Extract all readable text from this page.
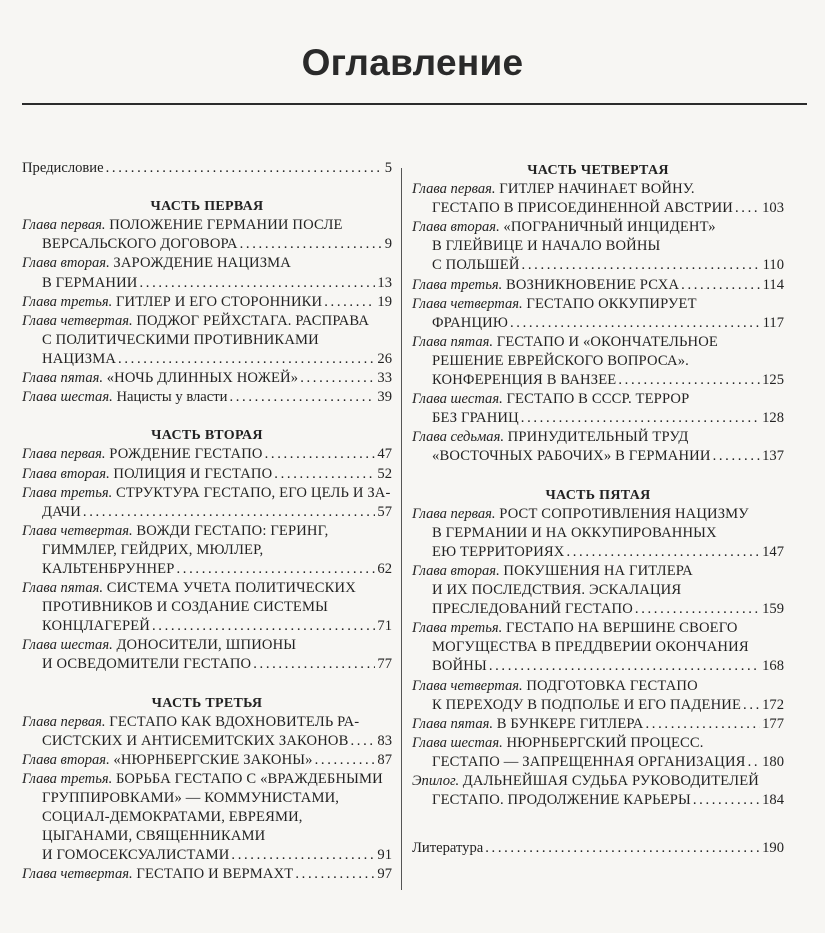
Оглавление
Предисловие . . .	5
ЧАСТЬ ПЕРВАЯ
Глава первая.
ПОЛОЖЕНИЕ ГЕРМАНИИ ПОСЛЕ
ВЕРСАЛЬСКОГО ДОГОВОРА . . .	9
Глава вторая.
ЗАРОЖДЕНИЕ НАЦИЗМА
В ГЕРМАНИИ . . .	13
Глава третья.
ГИТЛЕР И ЕГО СТОРОННИКИ . . .	19
Глава четвертая.
ПОДЖОГ РЕЙХСТАГА. РАСПРАВА
С ПОЛИТИЧЕСКИМИ ПРОТИВНИКАМИ
НАЦИЗМА . . .	26
Глава пятая.
«НОЧЬ ДЛИННЫХ НОЖЕЙ» . . .	33
Глава шестая.
Нацисты у власти . . .	39
ЧАСТЬ ВТОРАЯ
Глава первая.
РОЖДЕНИЕ ГЕСТАПО . . .	47
Глава вторая.
ПОЛИЦИЯ И ГЕСТАПО . . .	52
Глава третья.
СТРУКТУРА ГЕСТАПО, ЕГО ЦЕЛЬ И ЗА-
ДАЧИ . . .	57
Глава четвертая.
ВОЖДИ ГЕСТАПО: ГЕРИНГ,
ГИММЛЕР, ГЕЙДРИХ, МЮЛЛЕР,
КАЛЬТЕНБРУННЕР . . .	62
Глава пятая.
СИСТЕМА УЧЕТА ПОЛИТИЧЕСКИХ
ПРОТИВНИКОВ И СОЗДАНИЕ СИСТЕМЫ
КОНЦЛАГЕРЕЙ . . .	71
Глава шестая.
ДОНОСИТЕЛИ, ШПИОНЫ
И ОСВЕДОМИТЕЛИ ГЕСТАПО . . .	77
ЧАСТЬ ТРЕТЬЯ
Глава первая.
ГЕСТАПО КАК ВДОХНОВИТЕЛЬ РА-
СИСТСКИХ И АНТИСЕМИТСКИХ ЗАКОНОВ . . . 83
Глава вторая.
«НЮРНБЕРГСКИЕ ЗАКОНЫ» . . .	87
Глава третья.
БОРЬБА ГЕСТАПО С «ВРАЖДЕБНЫМИ
ГРУППИРОВКАМИ» — КОММУНИСТАМИ,
СОЦИАЛ-ДЕМОКРАТАМИ, ЕВРЕЯМИ,
ЦЫГАНАМИ, СВЯЩЕННИКАМИ
И ГОМОСЕКСУАЛИСТАМИ . . .	91
Глава четвертая.
ГЕСТАПО И ВЕРМАХТ . . .	97
ЧАСТЬ ЧЕТВЕРТАЯ
Глава первая.
ГИТЛЕР НАЧИНАЕТ ВОЙНУ.
ГЕСТАПО В ПРИСОЕДИНЕННОЙ АВСТРИИ . . . 103
Глава вторая.
«ПОГРАНИЧНЫЙ ИНЦИДЕНТ»
В ГЛЕЙВИЦЕ И НАЧАЛО ВОЙНЫ
С ПОЛЬШЕЙ . . .	110
Глава третья.
ВОЗНИКНОВЕНИЕ РСХА . . .	114
Глава четвертая.
ГЕСТАПО ОККУПИРУЕТ
ФРАНЦИЮ . . .	117
Глава пятая.
ГЕСТАПО И «ОКОНЧАТЕЛЬНОЕ
РЕШЕНИЕ ЕВРЕЙСКОГО ВОПРОСА».
КОНФЕРЕНЦИЯ В ВАНЗЕЕ . . .	125
Глава шестая.
ГЕСТАПО В СССР. ТЕРРОР
БЕЗ ГРАНИЦ . . .	128
Глава седьмая.
ПРИНУДИТЕЛЬНЫЙ ТРУД
«ВОСТОЧНЫХ РАБОЧИХ» В ГЕРМАНИИ . . .	137
ЧАСТЬ ПЯТАЯ
Глава первая.
РОСТ СОПРОТИВЛЕНИЯ НАЦИЗМУ
В ГЕРМАНИИ И НА ОККУПИРОВАННЫХ
ЕЮ ТЕРРИТОРИЯХ . . .	147
Глава вторая.
ПОКУШЕНИЯ НА ГИТЛЕРА
И ИХ ПОСЛЕДСТВИЯ. ЭСКАЛАЦИЯ
ПРЕСЛЕДОВАНИЙ ГЕСТАПО . . .	159
Глава третья.
ГЕСТАПО НА ВЕРШИНЕ СВОЕГО
МОГУЩЕСТВА В ПРЕДДВЕРИИ ОКОНЧАНИЯ
ВОЙНЫ . . .	168
Глава четвертая.
ПОДГОТОВКА ГЕСТАПО
К ПЕРЕХОДУ В ПОДПОЛЬЕ И ЕГО ПАДЕНИЕ . . . 172
Глава пятая.
В БУНКЕРЕ ГИТЛЕРА . . .	177
Глава шестая.
НЮРНБЕРГСКИЙ ПРОЦЕСС.
ГЕСТАПО — ЗАПРЕЩЕННАЯ ОРГАНИЗАЦИЯ . . . 180
Эпилог.
ДАЛЬНЕЙШАЯ СУДЬБА РУКОВОДИТЕЛЕЙ
ГЕСТАПО. ПРОДОЛЖЕНИЕ КАРЬЕРЫ . . .	184
Литература . . .	190
